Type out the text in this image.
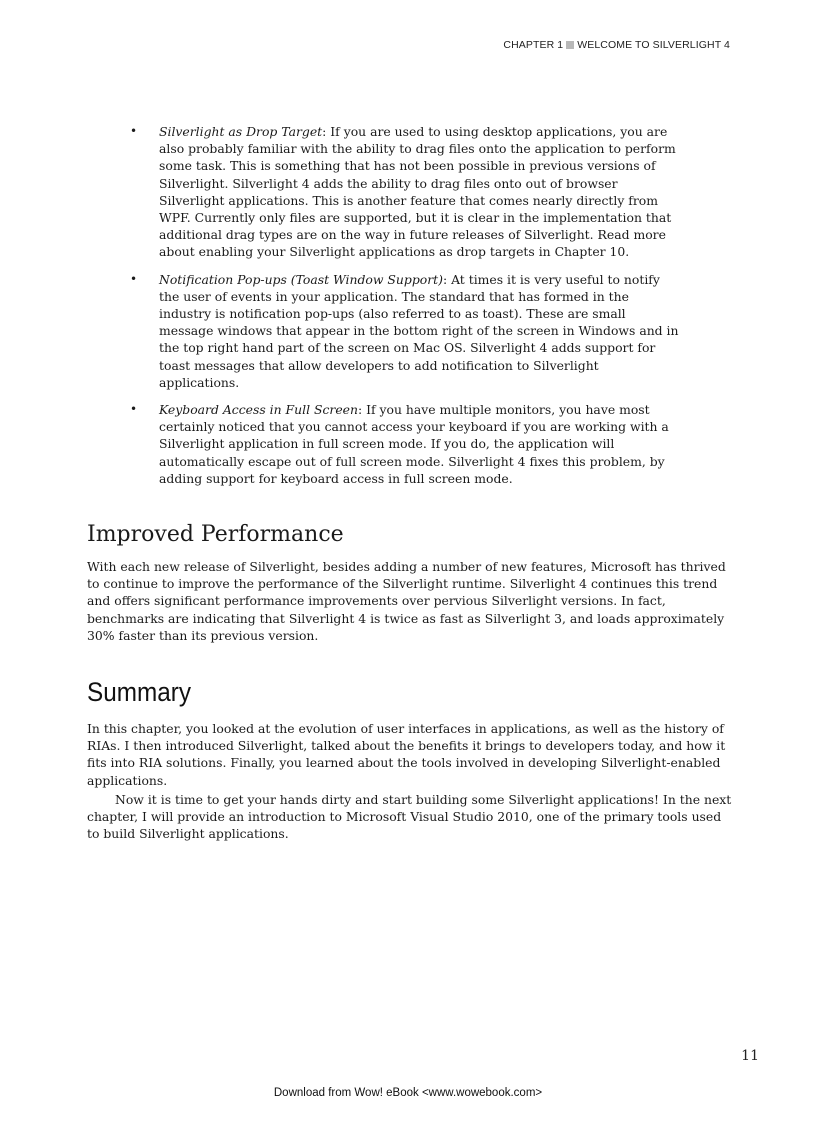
CHAPTER 1 WELCOME TO SILVERLIGHT 4
• Silverlight as Drop Target: If you are used to using desktop applications, you are also probably familiar with the ability to drag files onto the application to perform some task. This is something that has not been possible in previous versions of Silverlight. Silverlight 4 adds the ability to drag files onto out of browser Silverlight applications. This is another feature that comes nearly directly from WPF. Currently only files are supported, but it is clear in the implementation that additional drag types are on the way in future releases of Silverlight. Read more about enabling your Silverlight applications as drop targets in Chapter 10.
• Notification Pop-ups (Toast Window Support): At times it is very useful to notify the user of events in your application. The standard that has formed in the industry is notification pop-ups (also referred to as toast). These are small message windows that appear in the bottom right of the screen in Windows and in the top right hand part of the screen on Mac OS. Silverlight 4 adds support for toast messages that allow developers to add notification to Silverlight applications.
• Keyboard Access in Full Screen: If you have multiple monitors, you have most certainly noticed that you cannot access your keyboard if you are working with a Silverlight application in full screen mode. If you do, the application will automatically escape out of full screen mode. Silverlight 4 fixes this problem, by adding support for keyboard access in full screen mode.
Improved Performance

With each new release of Silverlight, besides adding a number of new features, Microsoft has thrived to continue to improve the performance of the Silverlight runtime. Silverlight 4 continues this trend and offers significant performance improvements over pervious Silverlight versions. In fact, benchmarks are indicating that Silverlight 4 is twice as fast as Silverlight 3, and loads approximately 30% faster than its previous version.

Summary

In this chapter, you looked at the evolution of user interfaces in applications, as well as the history of RIAs. I then introduced Silverlight, talked about the benefits it brings to developers today, and how it fits into RIA solutions. Finally, you learned about the tools involved in developing Silverlight-enabled applications.

Now it is time to get your hands dirty and start building some Silverlight applications! In the next chapter, I will provide an introduction to Microsoft Visual Studio 2010, one of the primary tools used to build Silverlight applications.

11
Download from Wow! eBook <www.wowebook.com>
